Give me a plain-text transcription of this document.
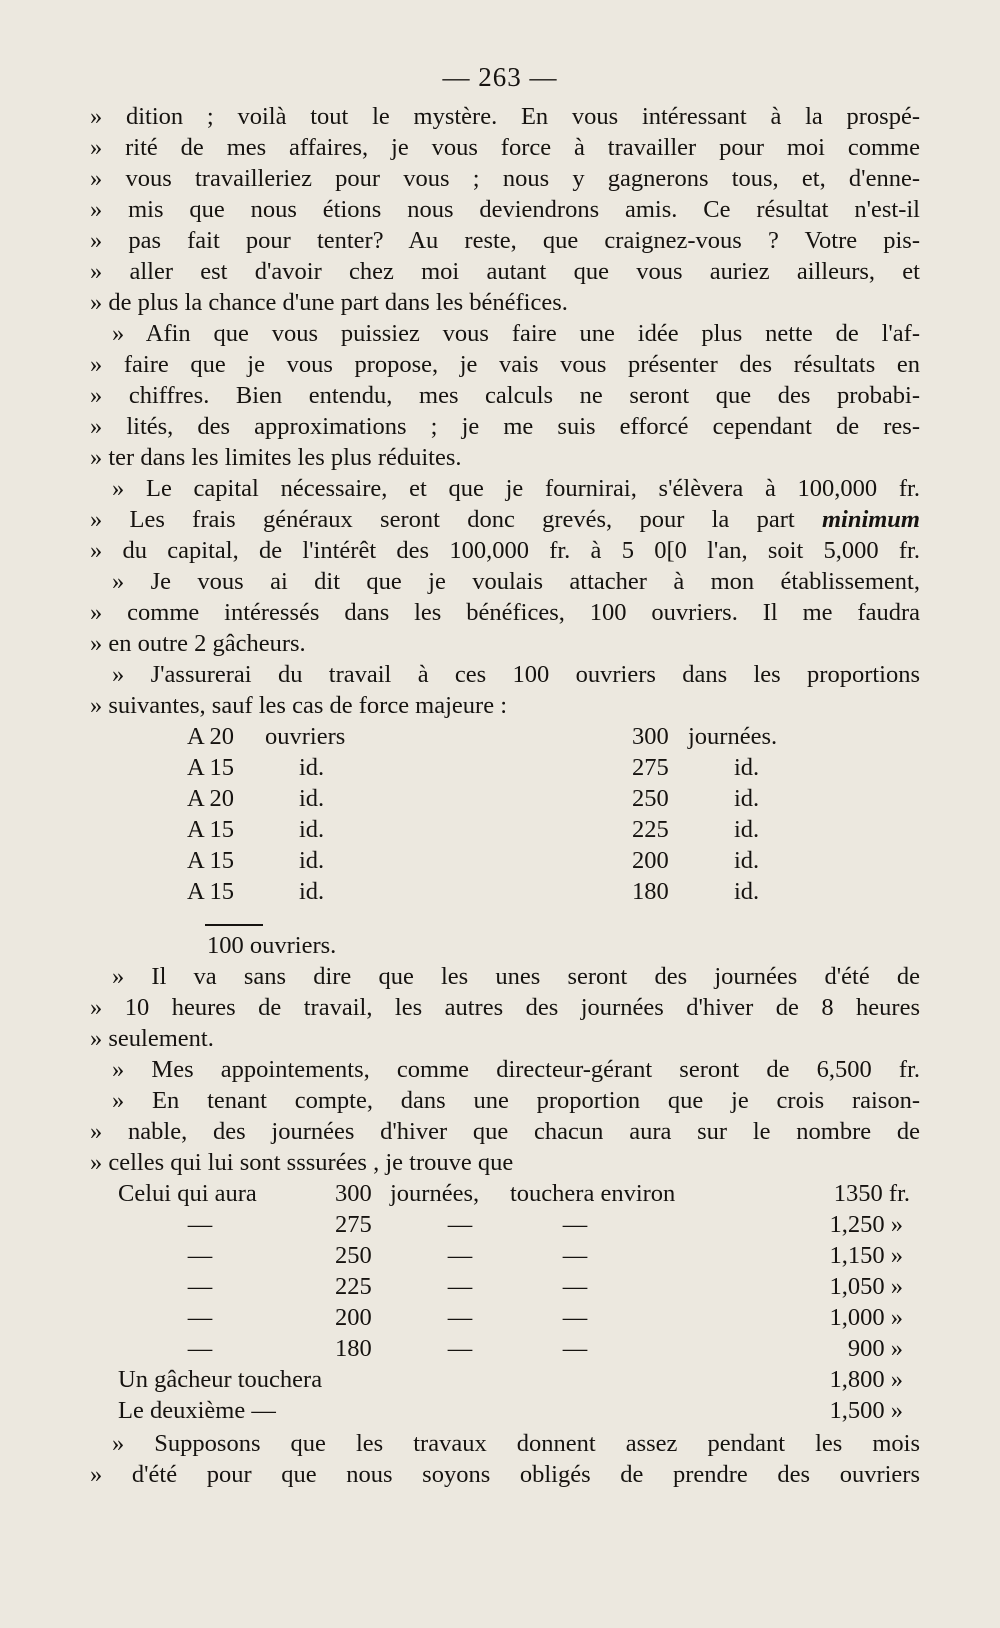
— 263 —
» dition ; voilà tout le mystère. En vous intéressant à la prospé-
» rité de mes affaires, je vous force à travailler pour moi comme
» vous travailleriez pour vous ; nous y gagnerons tous, et, d'enne-
» mis que nous étions nous deviendrons amis. Ce résultat n'est-il
» pas fait pour tenter? Au reste, que craignez-vous ? Votre pis-
» aller est d'avoir chez moi autant que vous auriez ailleurs, et
» de plus la chance d'une part dans les bénéfices.
» Afin que vous puissiez vous faire une idée plus nette de l'af-
» faire que je vous propose, je vais vous présenter des résultats en
» chiffres. Bien entendu, mes calculs ne seront que des probabi-
» lités, des approximations ; je me suis efforcé cependant de res-
» ter dans les limites les plus réduites.
» Le capital nécessaire, et que je fournirai, s'élèvera à 100,000 fr.
» Les frais généraux seront donc grevés, pour la part minimum
» du capital, de l'intérêt des 100,000 fr. à 5 0[0 l'an, soit 5,000 fr.
» Je vous ai dit que je voulais attacher à mon établissement,
» comme intéressés dans les bénéfices, 100 ouvriers. Il me faudra
» en outre 2 gâcheurs.
» J'assurerai du travail à ces 100 ouvriers dans les proportions
» suivantes, sauf les cas de force majeure :
A 20 ouvriers	300 journées.
A 15	id.	275	id.
A 20	id.	250	id.
A 15	id.	225	id.
A 15	id.	200	id.
A 15	id.	180	id.
100 ouvriers.
» Il va sans dire que les unes seront des journées d'été de
» 10 heures de travail, les autres des journées d'hiver de 8 heures
» seulement.
» Mes appointements, comme directeur-gérant seront de 6,500 fr.
» En tenant compte, dans une proportion que je crois raison-
» nable, des journées d'hiver que chacun aura sur le nombre de
» celles qui lui sont sssurées , je trouve que
Celui qui aura	300 journées, touchera environ	1350 fr.
—	275	—	—	1,250 »
—	250	—	—	1,150 »
—	225	—	—	1,050 »
—	200	—	—	1,000 »
—	180	—	—	900 »
Un gâcheur touchera	1,800 »
Le deuxième —	1,500 »
» Supposons que les travaux donnent assez pendant les mois
» d'été pour que nous soyons obligés de prendre des ouvriers
